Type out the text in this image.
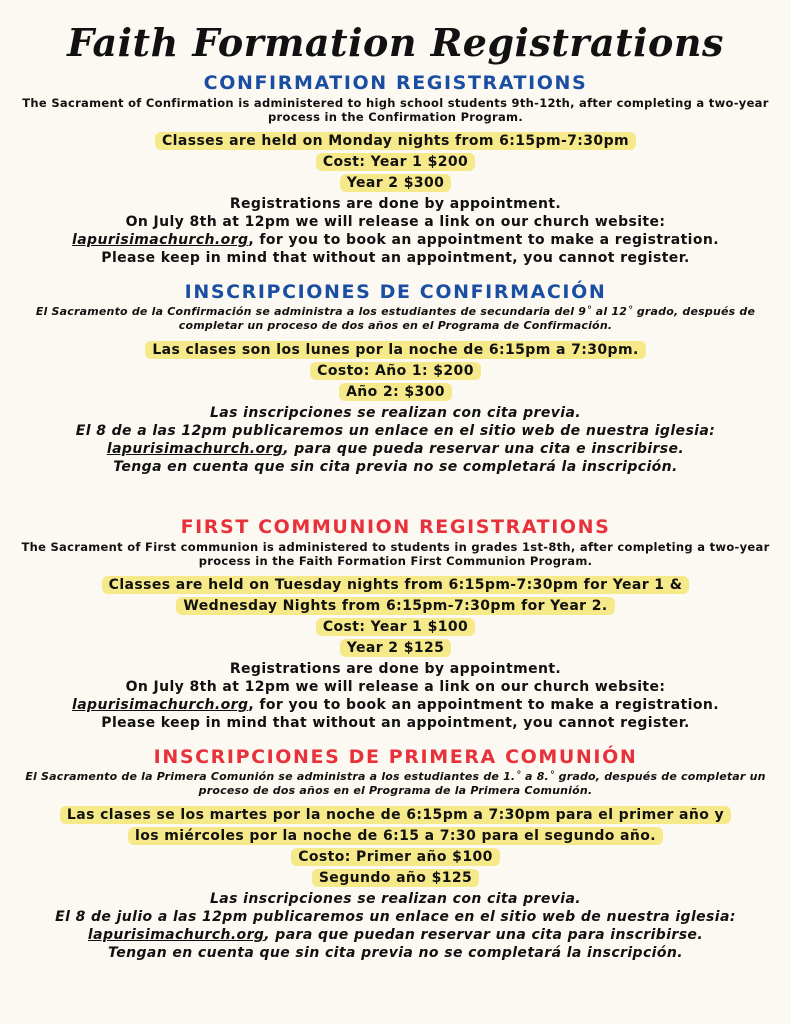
Faith Formation Registrations
CONFIRMATION REGISTRATIONS

The Sacrament of Confirmation is administered to high school students 9th-12th, after completing a two-year process in the Confirmation Program.

Classes are held on Monday nights from 6:15pm-7:30pm
Cost: Year 1 $200
Year 2 $300

Registrations are done by appointment.

On July 8th at 12pm we will release a link on our church website:

lapurisimachurch.org, for you to book an appointment to make a registration.

Please keep in mind that without an appointment, you cannot register.

INSCRIPCIONES DE CONFIRMACIÓN

El Sacramento de la Confirmación se administra a los estudiantes de secundaria del 9˚ al 12˚ grado, después de completar un proceso de dos años en el Programa de Confirmación.

Las clases son los lunes por la noche de 6:15pm a 7:30pm.
Costo: Año 1: $200
Año 2: $300

Las inscripciones se realizan con cita previa.

El 8 de a las 12pm publicaremos un enlace en el sitio web de nuestra iglesia:

lapurisimachurch.org, para que pueda reservar una cita e inscribirse.

Tenga en cuenta que sin cita previa no se completará la inscripción.

FIRST COMMUNION REGISTRATIONS

The Sacrament of First communion is administered to students in grades 1st-8th, after completing a two-year process in the Faith Formation First Communion Program.

Classes are held on Tuesday nights from 6:15pm-7:30pm for Year 1 &
Wednesday Nights from 6:15pm-7:30pm for Year 2.
Cost: Year 1 $100
Year 2 $125

Registrations are done by appointment.

On July 8th at 12pm we will release a link on our church website:

lapurisimachurch.org, for you to book an appointment to make a registration.

Please keep in mind that without an appointment, you cannot register.

INSCRIPCIONES DE PRIMERA COMUNIÓN

El Sacramento de la Primera Comunión se administra a los estudiantes de 1.˚ a 8.˚ grado, después de completar un proceso de dos años en el Programa de la Primera Comunión.

Las clases se los martes por la noche de 6:15pm a 7:30pm para el primer año y
los miércoles por la noche de 6:15 a 7:30 para el segundo año.
Costo: Primer año $100
Segundo año $125

Las inscripciones se realizan con cita previa.

El 8 de julio a las 12pm publicaremos un enlace en el sitio web de nuestra iglesia:

lapurisimachurch.org, para que puedan reservar una cita para inscribirse.

Tengan en cuenta que sin cita previa no se completará la inscripción.
